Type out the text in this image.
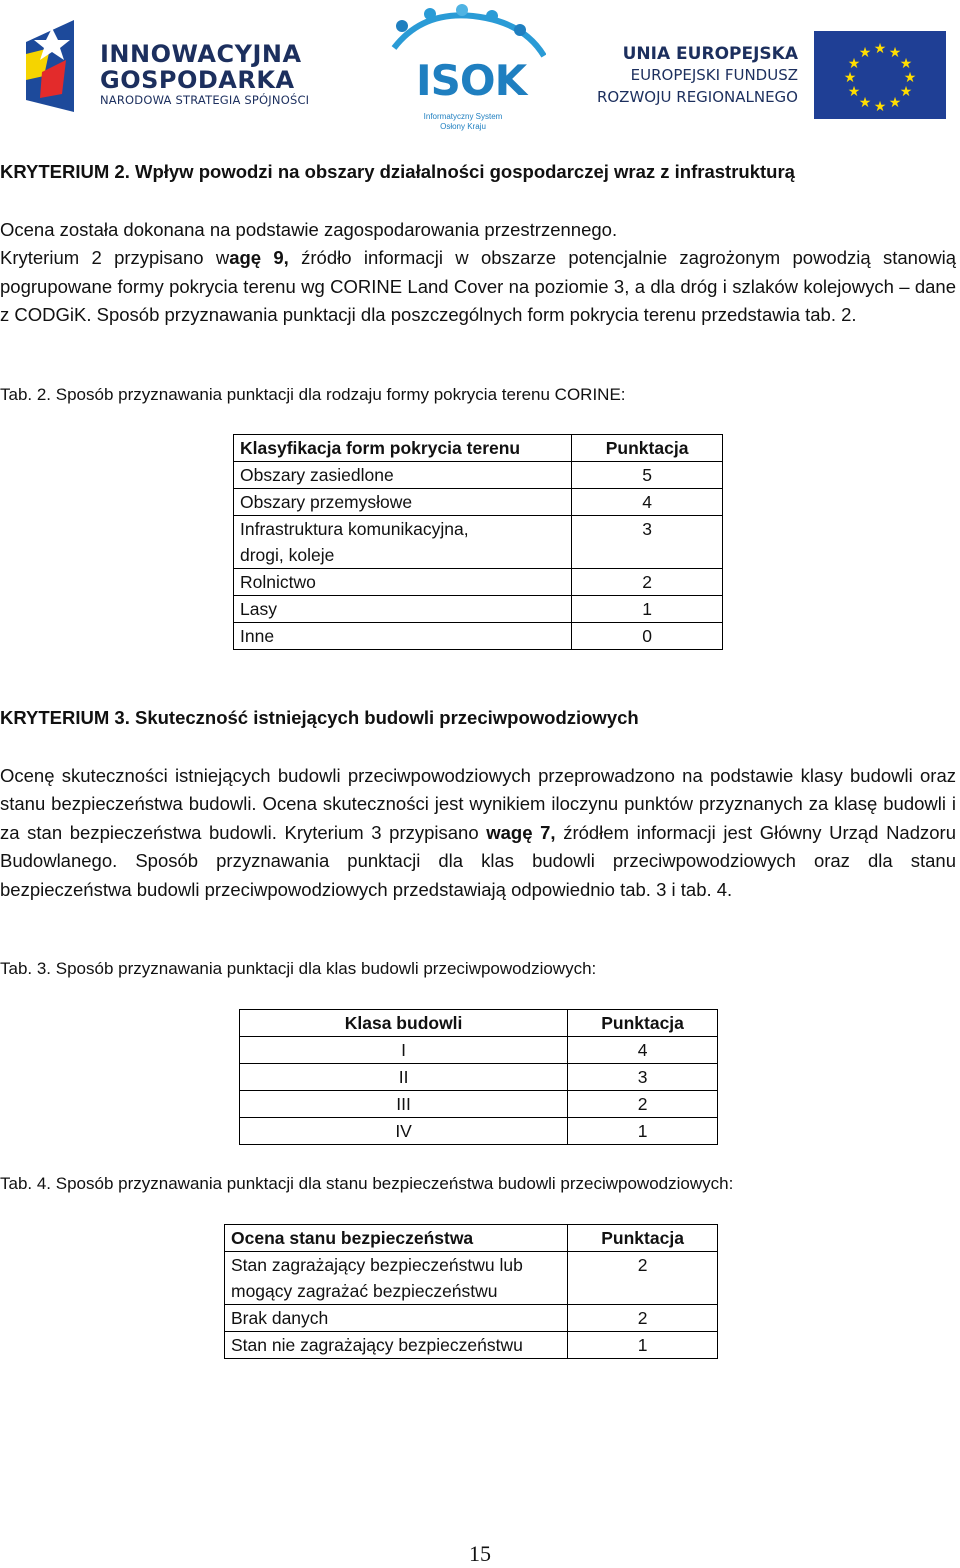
INNOWACYJNA
GOSPODARKA
NARODOWA STRATEGIA SPÓJNOŚCI	ISOK
Informatyczny System Osłony Kraju
UNIA EUROPEJSKA
EUROPEJSKI FUNDUSZ
ROZWOJU REGIONALNEGO
★ ★
★
★
★
★
★
★
★
★
★
★
KRYTERIUM 2. Wpływ powodzi na obszary działalności gospodarczej wraz z infrastrukturą

Ocena została dokonana na podstawie zagospodarowania przestrzennego.

Kryterium 2 przypisano wagę 9, źródło informacji w obszarze potencjalnie zagrożonym powodzią stanowią pogrupowane formy pokrycia terenu wg CORINE Land Cover na poziomie 3, a dla dróg i szlaków kolejowych – dane z CODGiK. Sposób przyznawania punktacji dla poszczególnych form pokrycia terenu przedstawia tab. 2.

Tab. 2. Sposób przyznawania punktacji dla rodzaju formy pokrycia terenu CORINE:
Klasyfikacja form pokrycia terenu	Punktacja
Obszary zasiedlone	5
Obszary przemysłowe	4
Infrastruktura komunikacyjna,
drogi, koleje	3
Rolnictwo	2
Lasy	1
Inne	0
KRYTERIUM 3. Skuteczność istniejących budowli przeciwpowodziowych

Ocenę skuteczności istniejących budowli przeciwpowodziowych przeprowadzono na podstawie klasy budowli oraz stanu bezpieczeństwa budowli. Ocena skuteczności jest wynikiem iloczynu punktów przyznanych za klasę budowli i za stan bezpieczeństwa budowli. Kryterium 3 przypisano wagę 7, źródłem informacji jest Główny Urząd Nadzoru Budowlanego. Sposób przyznawania punktacji dla klas budowli przeciwpowodziowych oraz dla stanu bezpieczeństwa budowli przeciwpowodziowych przedstawiają odpowiednio tab. 3 i tab. 4.

Tab. 3. Sposób przyznawania punktacji dla klas budowli przeciwpowodziowych:
Klasa budowli	Punktacja
I	4
II	3
III	2
IV	1
Tab. 4. Sposób przyznawania punktacji dla stanu bezpieczeństwa budowli przeciwpowodziowych:
Ocena stanu bezpieczeństwa	Punktacja
Stan zagrażający bezpieczeństwu lub
mogący zagrażać bezpieczeństwu	2
Brak danych	2
Stan nie zagrażający bezpieczeństwu	1
15
